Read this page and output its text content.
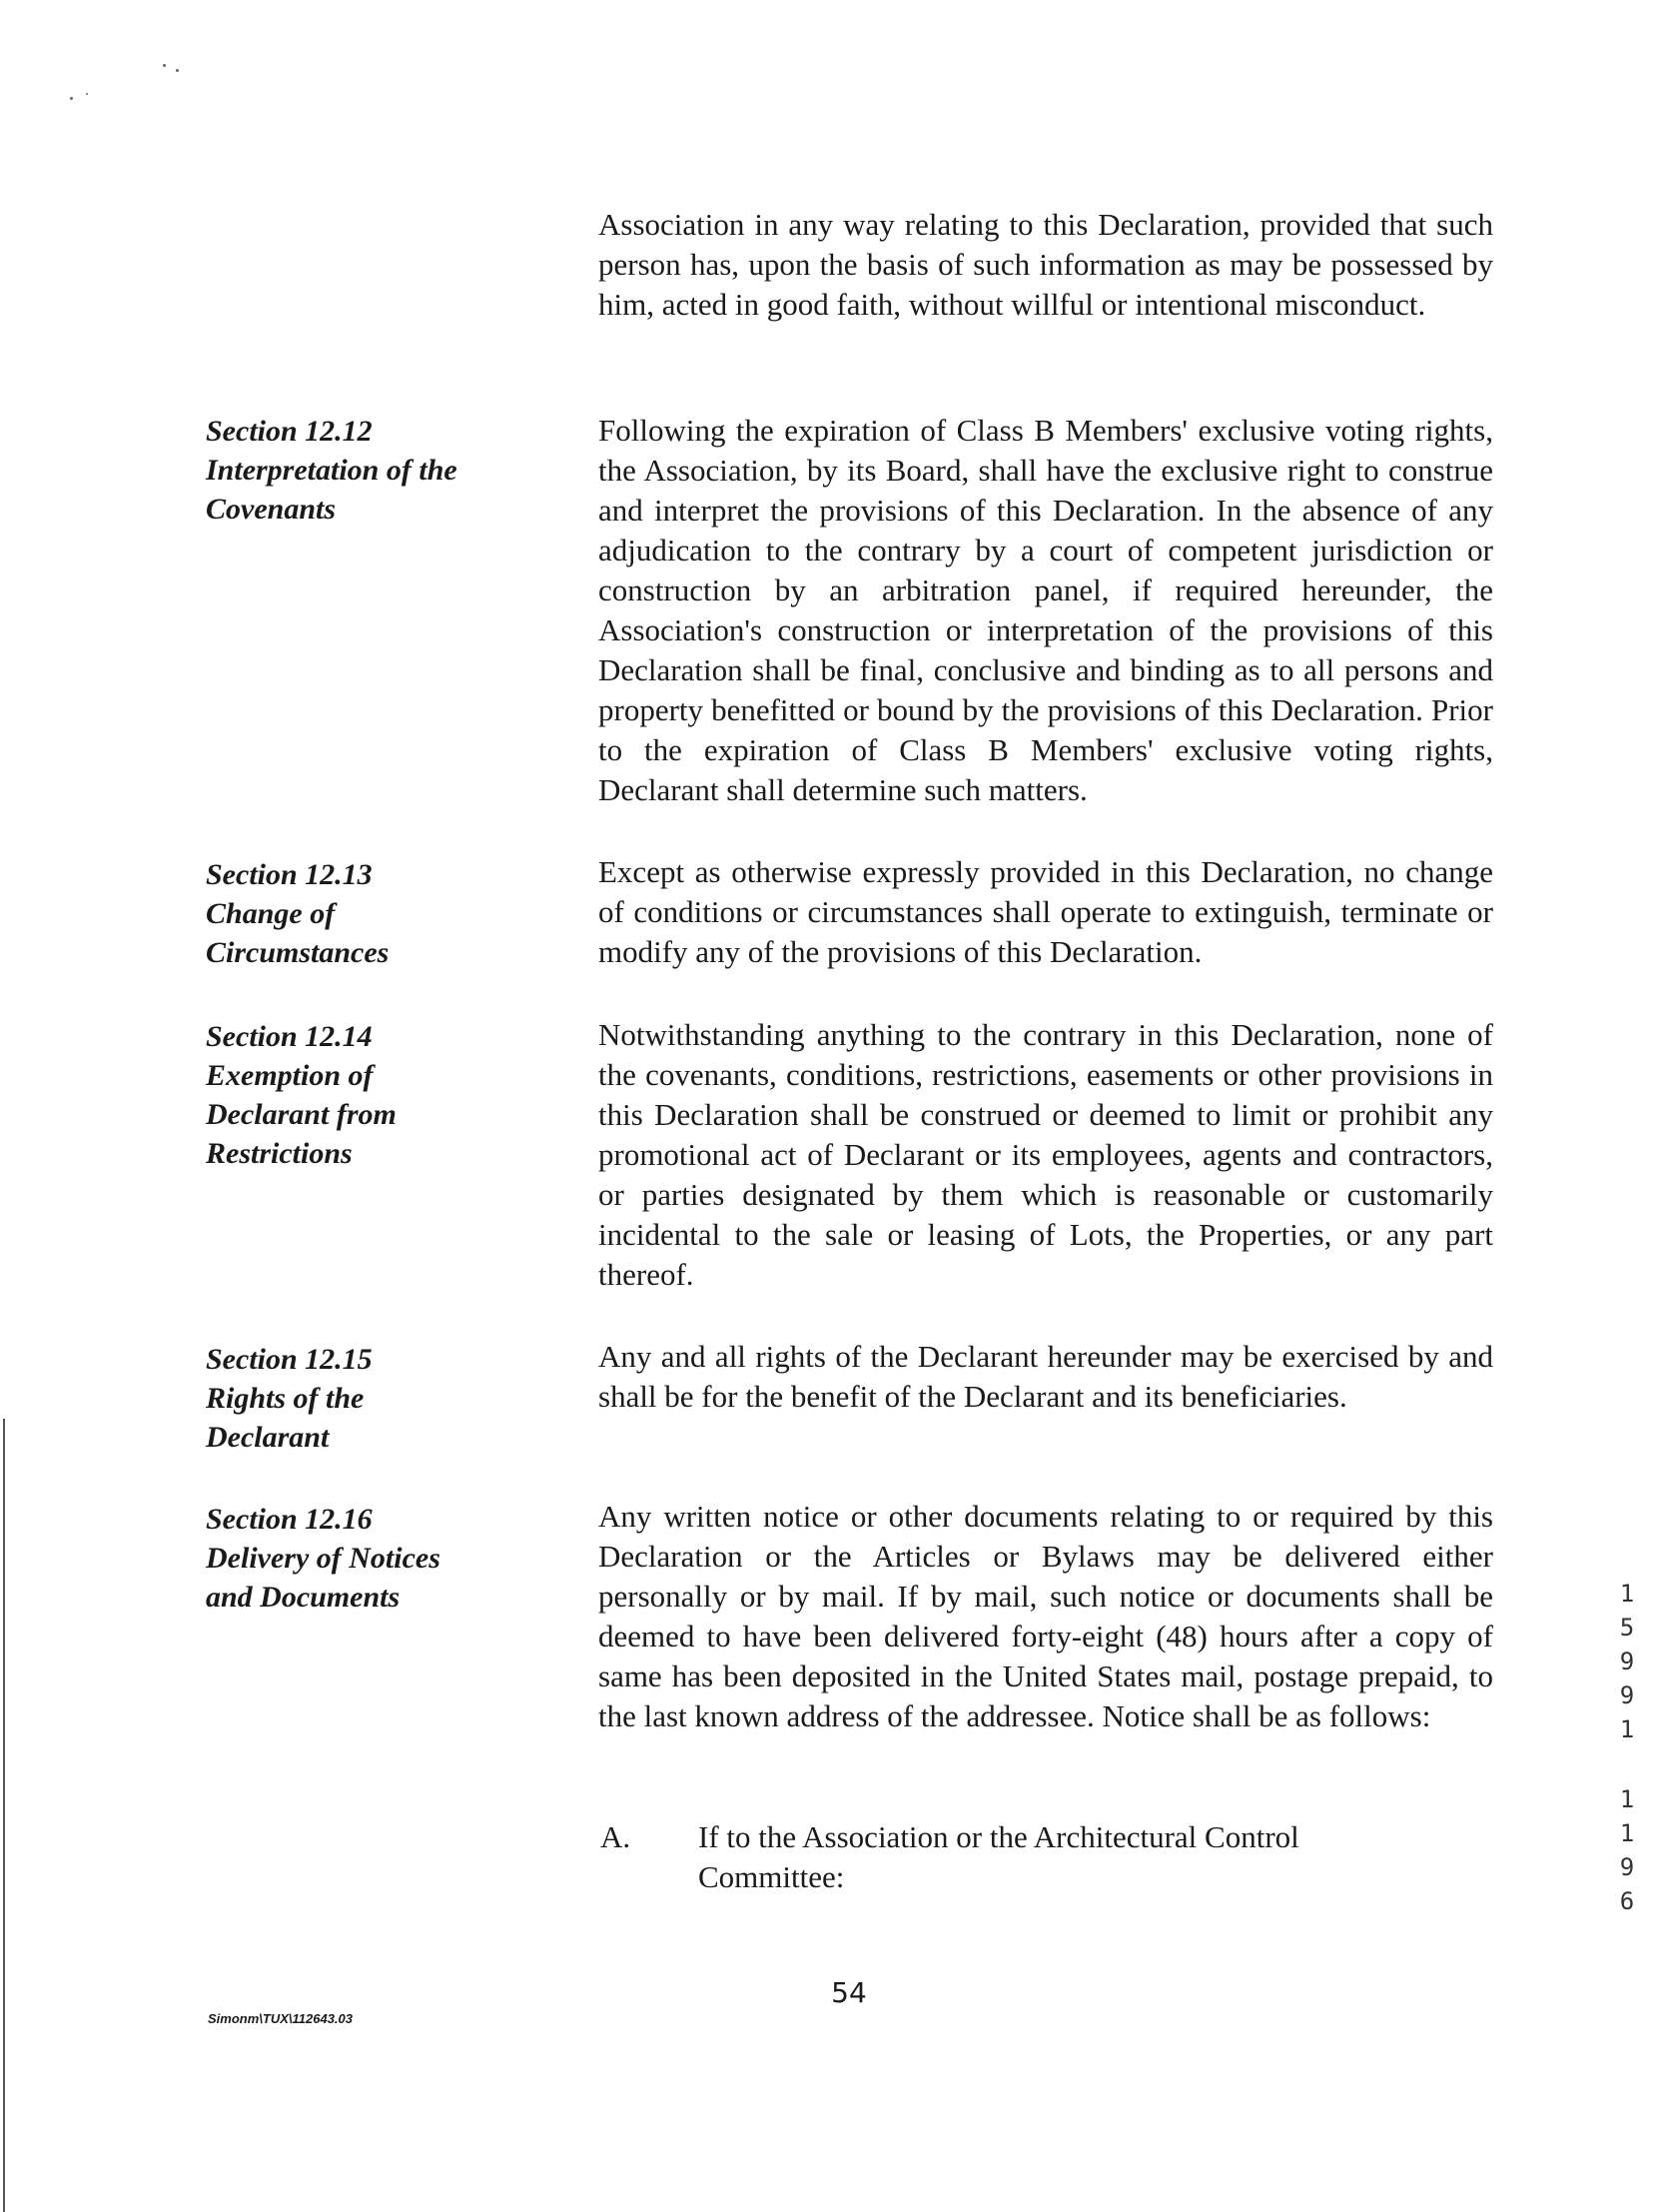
Association in any way relating to this Declaration, provided that such person has, upon the basis of such information as may be possessed by him, acted in good faith, without willful or intentional misconduct.

Section 12.12
Interpretation of the
Covenants

Following the expiration of Class B Members' exclusive voting rights, the Association, by its Board, shall have the exclusive right to construe and interpret the provisions of this Declaration. In the absence of any adjudication to the contrary by a court of competent jurisdiction or construction by an arbitration panel, if required hereunder, the Association's construction or interpretation of the provisions of this Declaration shall be final, conclusive and binding as to all persons and property benefitted or bound by the provisions of this Declaration. Prior to the expiration of Class B Members' exclusive voting rights, Declarant shall determine such matters.

Section 12.13
Change of
Circumstances

Except as otherwise expressly provided in this Declaration, no change of conditions or circumstances shall operate to extinguish, terminate or modify any of the provisions of this Declaration.

Section 12.14
Exemption of
Declarant from
Restrictions

Notwithstanding anything to the contrary in this Declaration, none of the covenants, conditions, restrictions, easements or other provisions in this Declaration shall be construed or deemed to limit or prohibit any promotional act of Declarant or its employees, agents and contractors, or parties designated by them which is reasonable or customarily incidental to the sale or leasing of Lots, the Properties, or any part thereof.

Section 12.15
Rights of the
Declarant

Any and all rights of the Declarant hereunder may be exercised by and shall be for the benefit of the Declarant and its beneficiaries.

Section 12.16
Delivery of Notices
and Documents

Any written notice or other documents relating to or required by this Declaration or the Articles or Bylaws may be delivered either personally or by mail. If by mail, such notice or documents shall be deemed to have been delivered forty-eight (48) hours after a copy of same has been deposited in the United States mail, postage prepaid, to the last known address of the addressee. Notice shall be as follows:

A. If to the Association or the Architectural Control Committee:
54
Simonm\TUX\112643.03
1
5
9
9
1
1
1
9
6
